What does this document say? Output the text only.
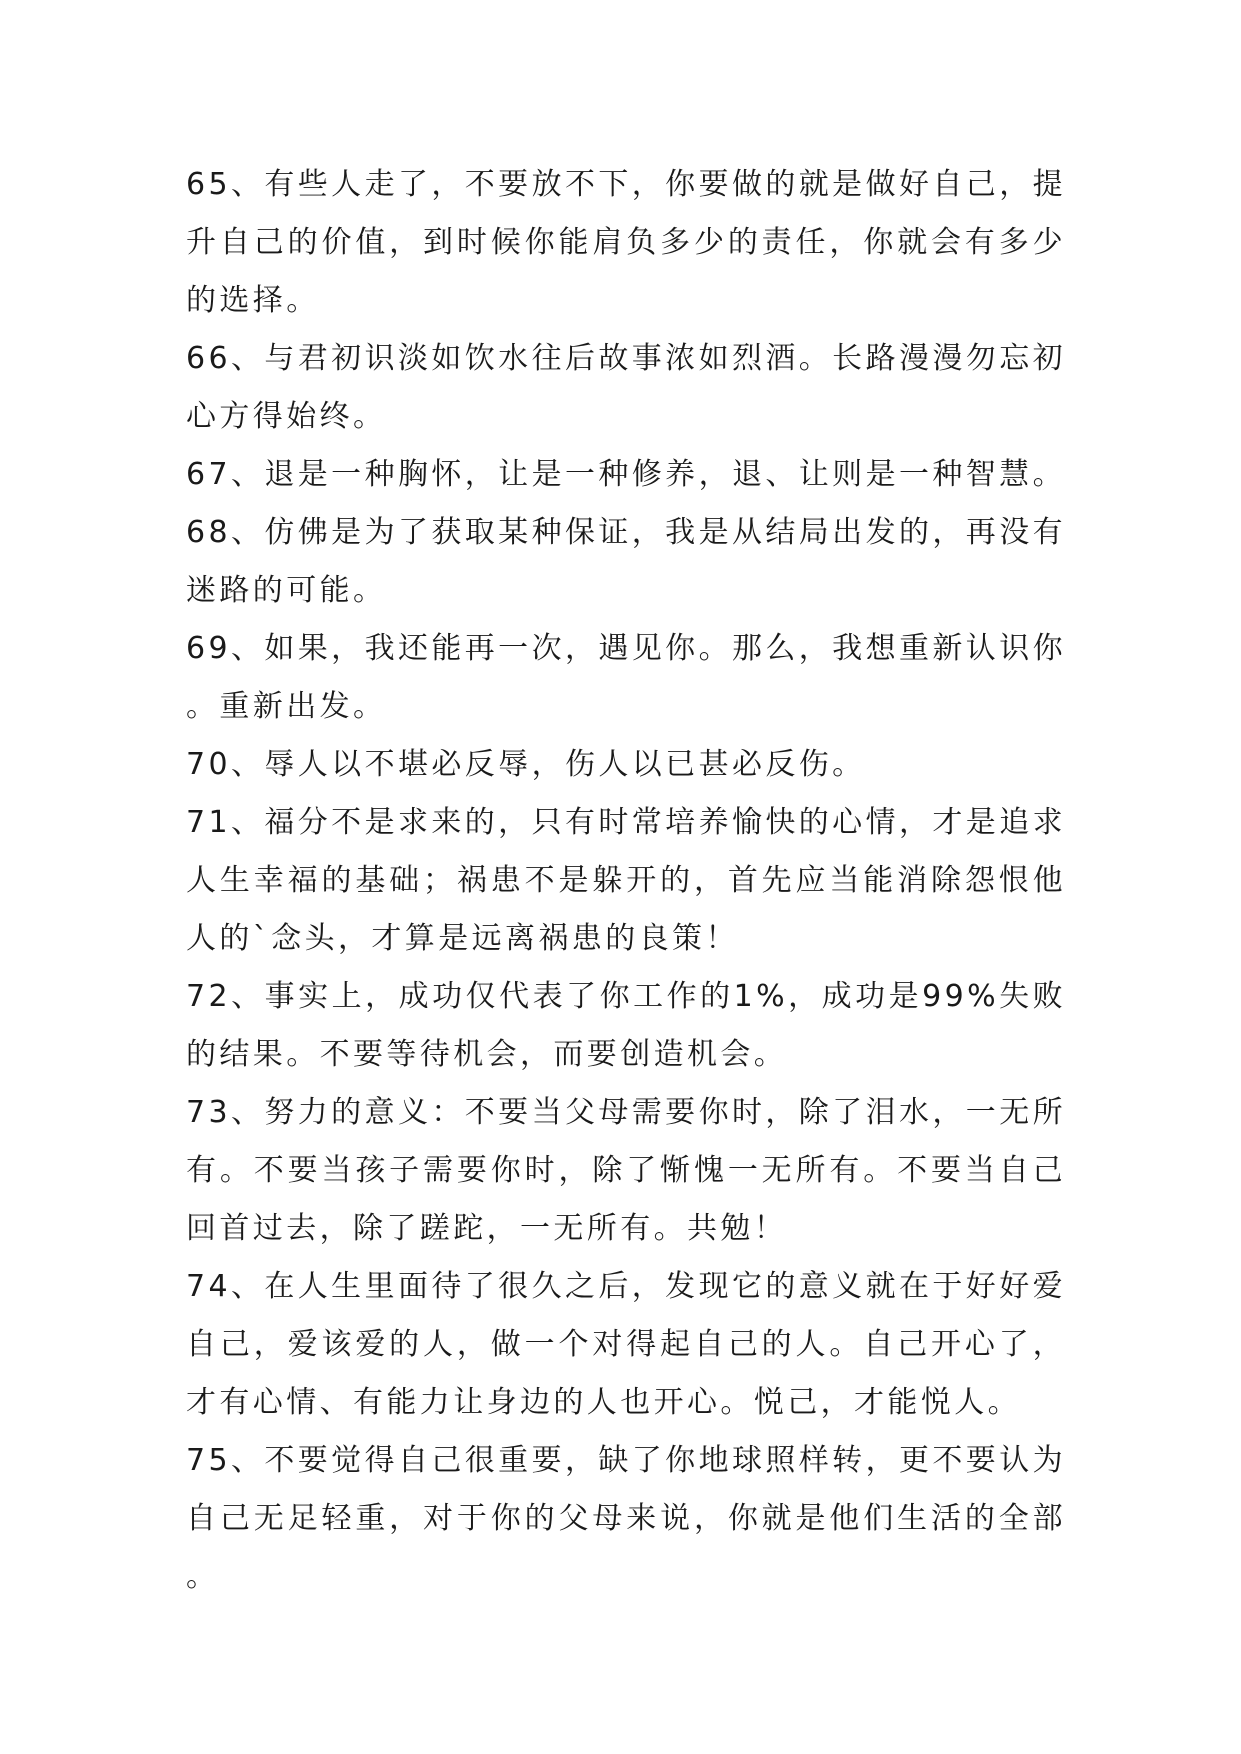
65、有些人走了，不要放不下，你要做的就是做好自己，提升自己的价值，到时候你能肩负多少的责任，你就会有多少的选择。

66、与君初识淡如饮水往后故事浓如烈酒。长路漫漫勿忘初心方得始终。

67、退是一种胸怀，让是一种修养，退、让则是一种智慧。

68、仿佛是为了获取某种保证，我是从结局出发的，再没有迷路的可能。

69、如果，我还能再一次，遇见你。那么，我想重新认识你。重新出发。

70、辱人以不堪必反辱，伤人以已甚必反伤。

71、福分不是求来的，只有时常培养愉快的心情，才是追求人生幸福的基础；祸患不是躲开的，首先应当能消除怨恨他人的`念头，才算是远离祸患的良策！

72、事实上，成功仅代表了你工作的1%，成功是99%失败的结果。不要等待机会，而要创造机会。

73、努力的意义：不要当父母需要你时，除了泪水，一无所有。不要当孩子需要你时，除了惭愧一无所有。不要当自己回首过去，除了蹉跎，一无所有。共勉！

74、在人生里面待了很久之后，发现它的意义就在于好好爱自己，爱该爱的人，做一个对得起自己的人。自己开心了，才有心情、有能力让身边的人也开心。悦己，才能悦人。

75、不要觉得自己很重要，缺了你地球照样转，更不要认为自己无足轻重，对于你的父母来说，你就是他们生活的全部。
